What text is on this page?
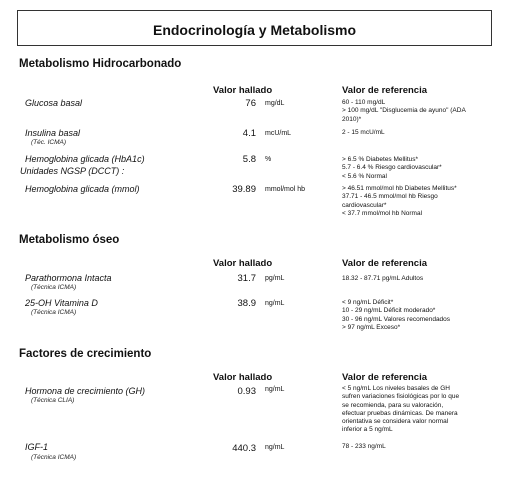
Endocrinología y Metabolismo
Metabolismo Hidrocarbonado
Valor hallado	Valor de referencia
Glucosa basal	76 mg/dL	60 - 110 mg/dL
> 100 mg/dL "Disglucemia de ayuno" (ADA
2010)*
Insulina basal
(Téc. ICMA)
4.1 mcU/mL	2 - 15 mcU/mL
Hemoglobina glicada (HbA1c)
Unidades NGSP (DCCT) :
5.8 %	> 6.5 % Diabetes Mellitus*
5.7 - 6.4 % Riesgo cardiovascular*
< 5.6 % Normal
Hemoglobina glicada (mmol)	39.89 mmol/mol hb	> 46.51 mmol/mol hb Diabetes Mellitus*
37.71 - 46.5 mmol/mol hb Riesgo
cardiovascular*
< 37.7 mmol/mol hb Normal
Metabolismo óseo
Valor hallado	Valor de referencia
Parathormona Intacta
(Técnica ICMA)
31.7 pg/mL	18.32 - 87.71 pg/mL Adultos
25-OH Vitamina D
(Técnica ICMA)
38.9 ng/mL	< 9 ng/mL Déficit*
10 - 29 ng/mL Déficit moderado*
30 - 96 ng/mL Valores recomendados
> 97 ng/mL Exceso*
Factores de crecimiento
Valor hallado	Valor de referencia
Hormona de crecimiento (GH)
(Técnica CLIA)
0.93 ng/mL	< 5 ng/mL Los niveles basales de GH
sufren variaciones fisiológicas por lo que
se recomienda, para su valoración,
efectuar pruebas dinámicas. De manera
orientativa se considera valor normal
inferior a 5 ng/mL
IGF-1
(Técnica ICMA)
440.3 ng/mL	78 - 233 ng/mL
